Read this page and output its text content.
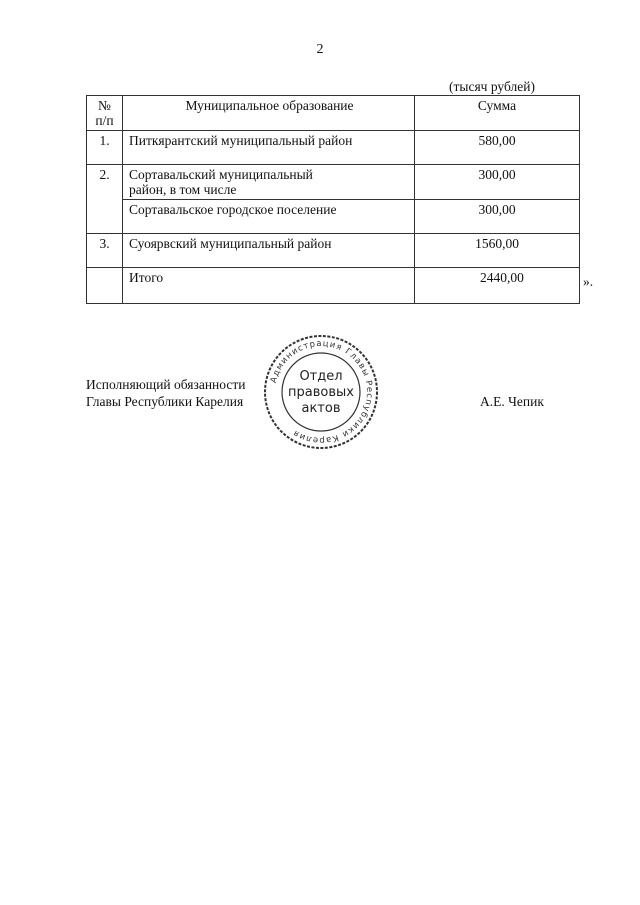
2
(тысяч рублей)
№ п/п	Муниципальное образование	Сумма
1.	Питкярантский муниципальный район	580,00
2.	Сортавальский муниципальный район, в том числе	300,00
	Сортавальское городское поселение	300,00
3.	Суоярвский муниципальный район	1560,00
	Итого	2440,00	».
Исполняющий обязанности
Главы Республики Карелия	А.Е. Чепик
Администрация Главы Республики Карелия
Отдел
правовых
актов
